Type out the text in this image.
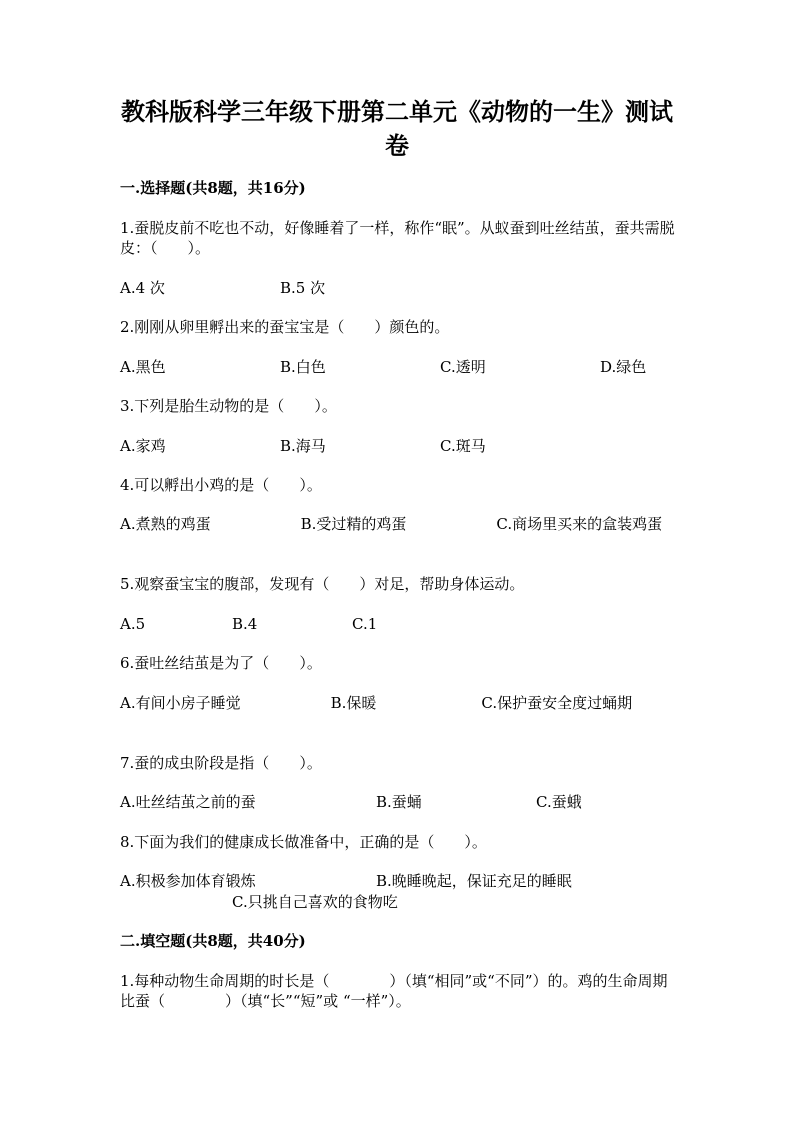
教科版科学三年级下册第二单元《动物的一生》测试卷
一.选择题(共8题，共16分)
1.蚕脱皮前不吃也不动，好像睡着了一样，称作“眠”。从蚁蚕到吐丝结茧，蚕共需脱皮：（　　）。
A.4 次	B.5 次
2.刚刚从卵里孵出来的蚕宝宝是（　　）颜色的。
A.黑色	B.白色	C.透明	D.绿色
3.下列是胎生动物的是（　　）。
A.家鸡	B.海马	C.斑马
4.可以孵出小鸡的是（　　）。
A.煮熟的鸡蛋　　　　　　B.受过精的鸡蛋　　　　　　C.商场里买来的盒装鸡蛋
5.观察蚕宝宝的腹部，发现有（　　）对足，帮助身体运动。
A.5	B.4	C.1
6.蚕吐丝结茧是为了（　　）。
A.有间小房子睡觉　　　　　　B.保暖　　　　　　　C.保护蚕安全度过蛹期
7.蚕的成虫阶段是指（　　）。
A.吐丝结茧之前的蚕	B.蚕蛹	C.蚕蛾
8.下面为我们的健康成长做准备中，正确的是（　　）。
A.积极参加体育锻炼	B.晚睡晚起，保证充足的睡眠
C.只挑自己喜欢的食物吃
二.填空题(共8题，共40分)
1.每种动物生命周期的时长是（　　　　）（填“相同”或“不同”）的。鸡的生命周期比蚕（　　　　）（填“长”“短”或 “一样”）。
